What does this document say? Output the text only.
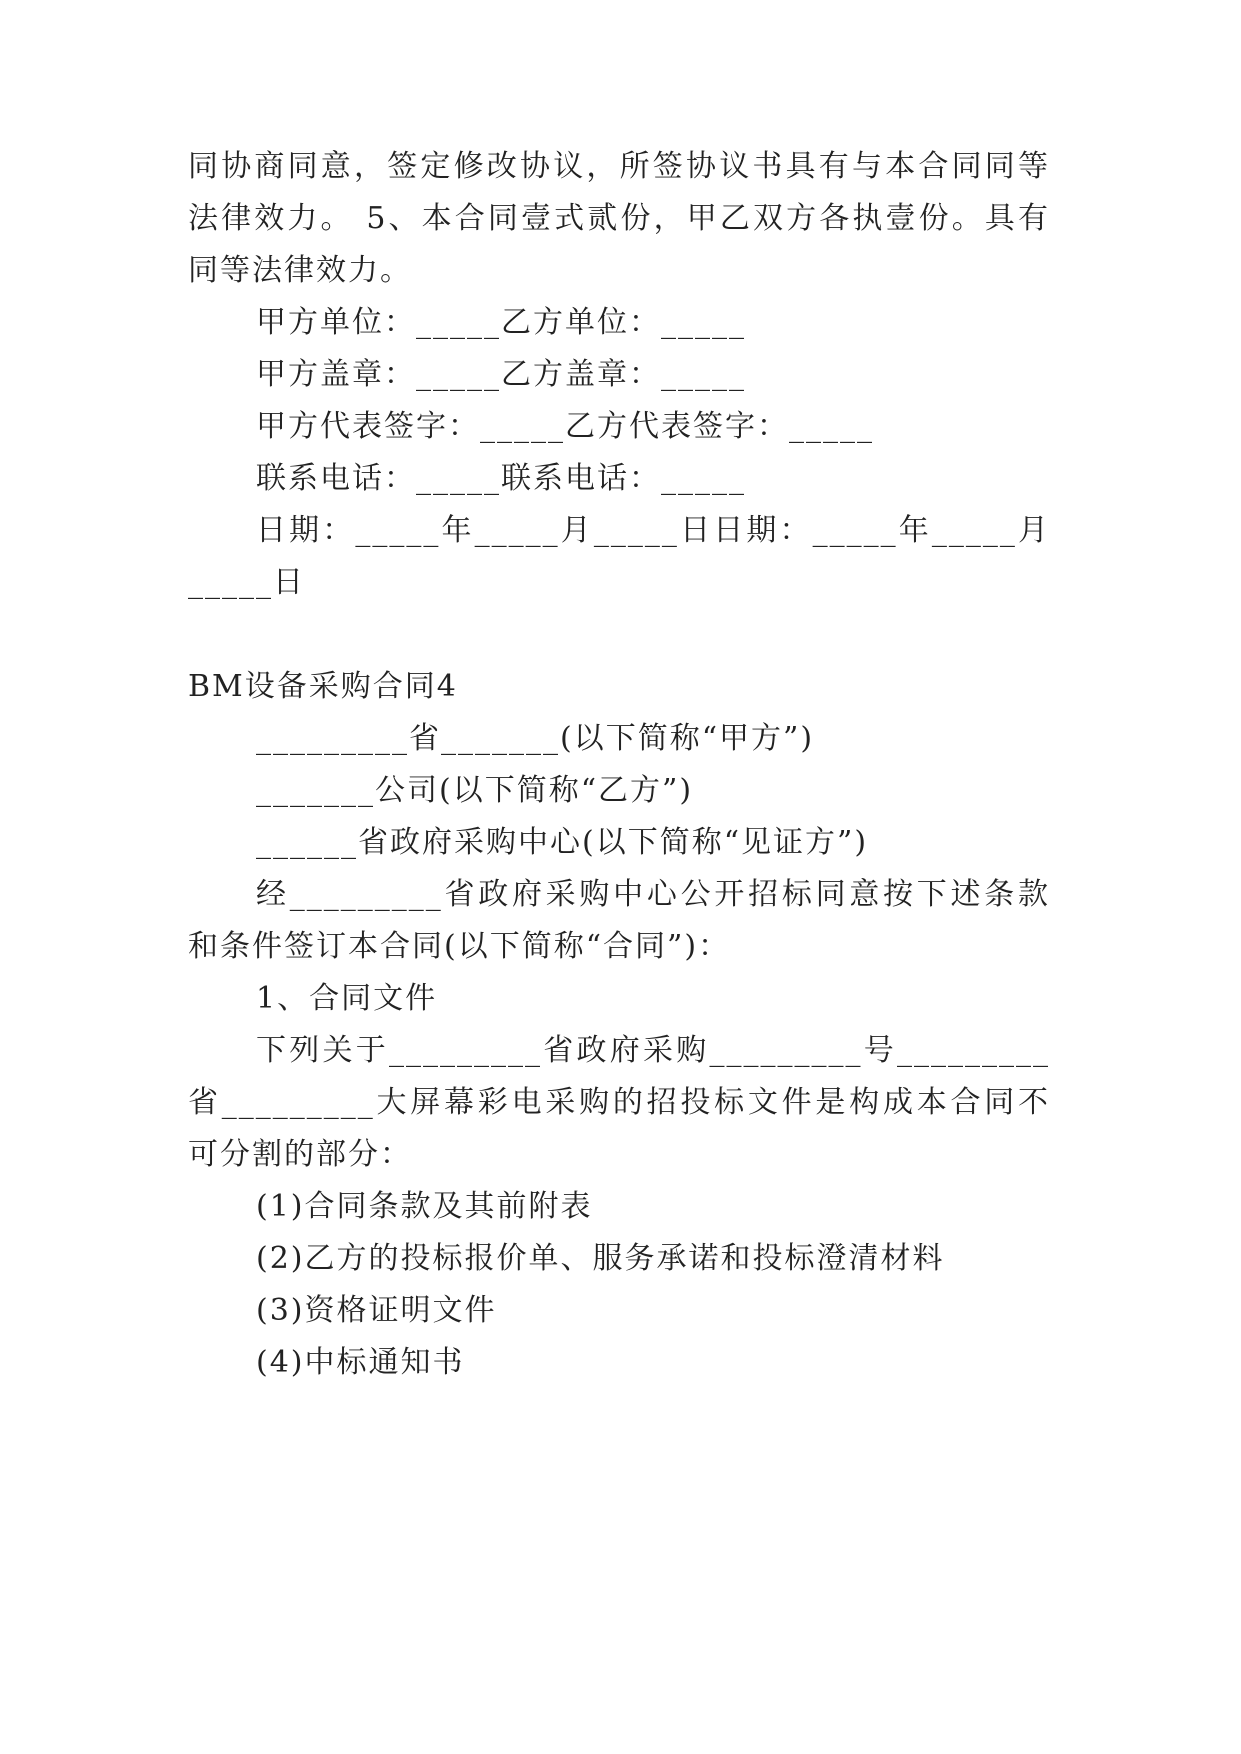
同协商同意，签定修改协议，所签协议书具有与本合同同等
法律效力。 5、本合同壹式贰份，甲乙双方各执壹份。具有
同等法律效力。
甲方单位：_____乙方单位：_____
甲方盖章：_____乙方盖章：_____
甲方代表签字：_____乙方代表签字：_____
联系电话：_____联系电话：_____
日期：_____年_____月_____日日期：_____年_____月
_____日
BM设备采购合同4
_________省_______(以下简称“甲方”)
_______公司(以下简称“乙方”)
______省政府采购中心(以下简称“见证方”)
经_________省政府采购中心公开招标同意按下述条款
和条件签订本合同(以下简称“合同”)：
1、合同文件
下列关于_________省政府采购_________号_________
省_________大屏幕彩电采购的招投标文件是构成本合同不
可分割的部分：
(1)合同条款及其前附表
(2)乙方的投标报价单、服务承诺和投标澄清材料
(3)资格证明文件
(4)中标通知书
